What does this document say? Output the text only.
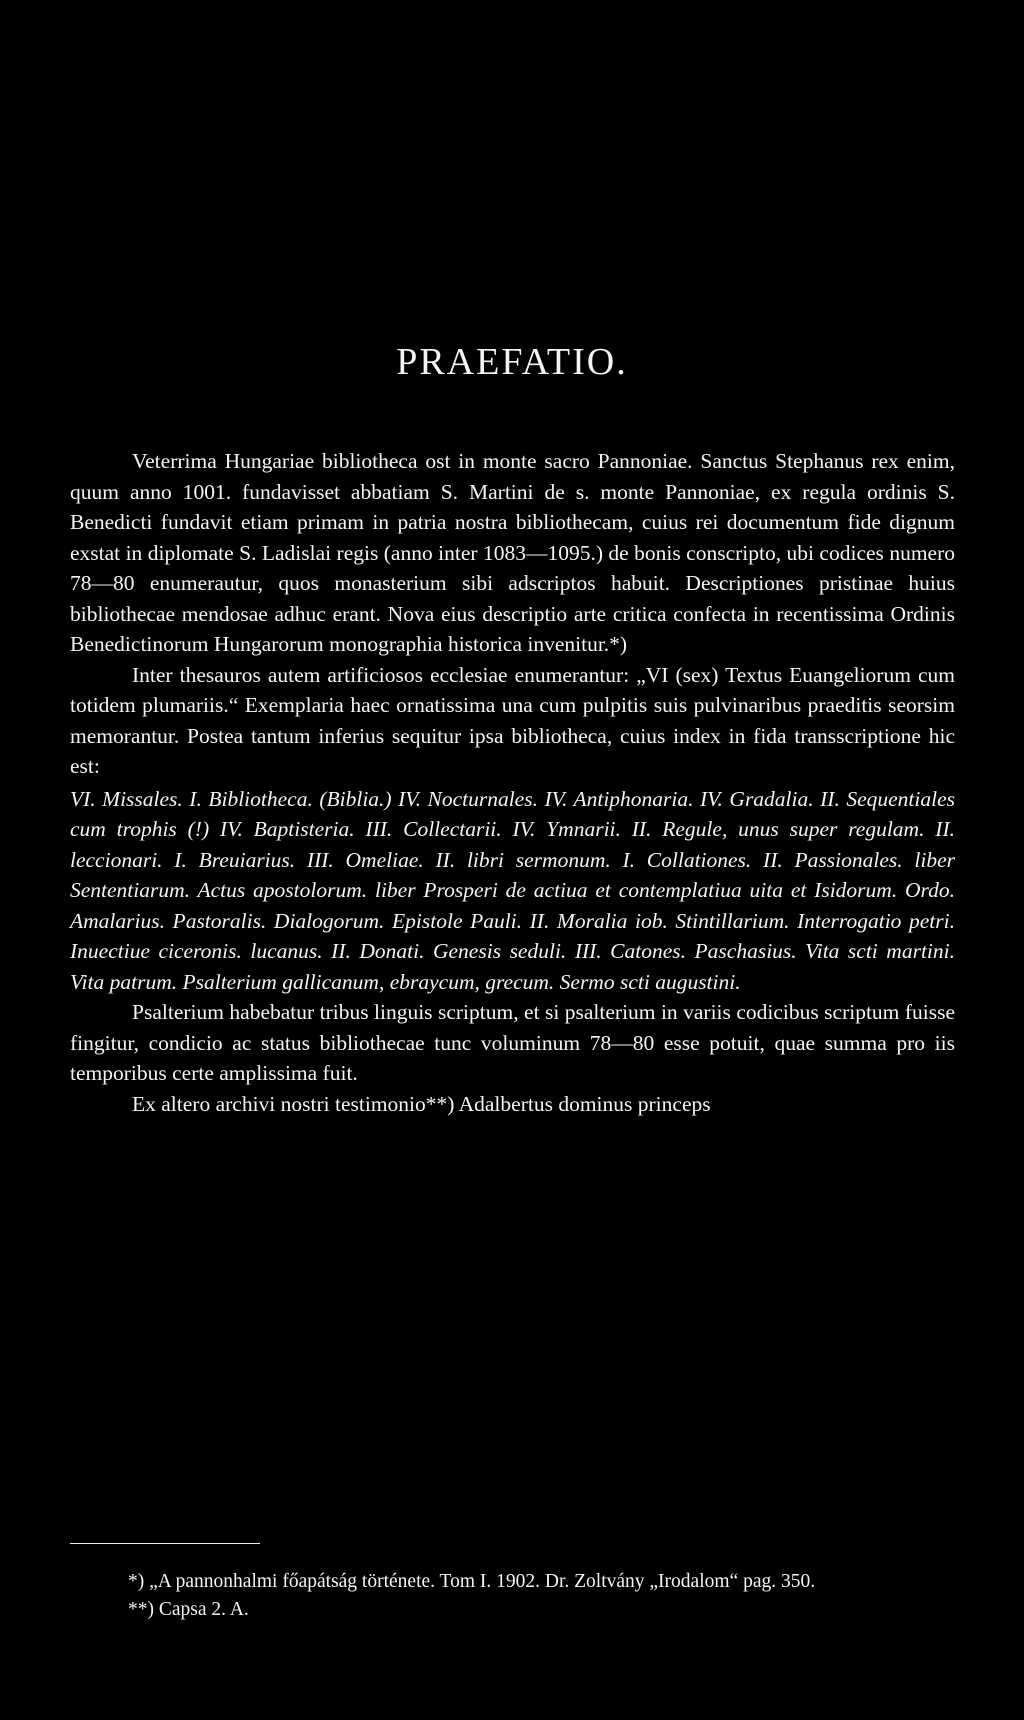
PRAEFATIO.

Veterrima Hungariae bibliotheca ost in monte sacro Pannoniae. Sanctus Stephanus rex enim, quum anno 1001. fundavisset abbatiam S. Martini de s. monte Pannoniae, ex regula ordinis S. Benedicti fundavit etiam primam in patria nostra bibliothecam, cuius rei documentum fide dignum exstat in diplomate S. Ladislai regis (anno inter 1083—1095.) de bonis conscripto, ubi codices numero 78—80 enumerautur, quos monasterium sibi adscriptos habuit. Descriptiones pristinae huius bibliothecae mendosae adhuc erant. Nova eius descriptio arte critica confecta in recentissima Ordinis Benedictinorum Hungarorum monographia historica invenitur.*)

Inter thesauros autem artificiosos ecclesiae enumerantur: „VI (sex) Textus Euangeliorum cum totidem plumariis.“ Exemplaria haec ornatissima una cum pulpitis suis pulvinaribus praeditis seorsim memorantur. Postea tantum inferius sequitur ipsa bibliotheca, cuius index in fida transscriptione hic est:

VI. Missales. I. Bibliotheca. (Biblia.) IV. Nocturnales. IV. Antiphonaria. IV. Gradalia. II. Sequentiales cum trophis (!) IV. Baptisteria. III. Collectarii. IV. Ymnarii. II. Regule, unus super regulam. II. leccionari. I. Breuiarius. III. Omeliae. II. libri sermonum. I. Collationes. II. Passionales. liber Sententiarum. Actus apostolorum. liber Prosperi de actiua et contemplatiua uita et Isidorum. Ordo. Amalarius. Pastoralis. Dialogorum. Epistole Pauli. II. Moralia iob. Stintillarium. Interrogatio petri. Inuectiue ciceronis. lucanus. II. Donati. Genesis seduli. III. Catones. Paschasius. Vita scti martini. Vita patrum. Psalterium gallicanum, ebraycum, grecum. Sermo scti augustini.

Psalterium habebatur tribus linguis scriptum, et si psalterium in variis codicibus scriptum fuisse fingitur, condicio ac status bibliothecae tunc voluminum 78—80 esse potuit, quae summa pro iis temporibus certe amplissima fuit.

Ex altero archivi nostri testimonio**) Adalbertus dominus princeps

*) „A pannonhalmi főapátság története. Tom I. 1902. Dr. Zoltvány „Irodalom“ pag. 350.
**) Capsa 2. A.
